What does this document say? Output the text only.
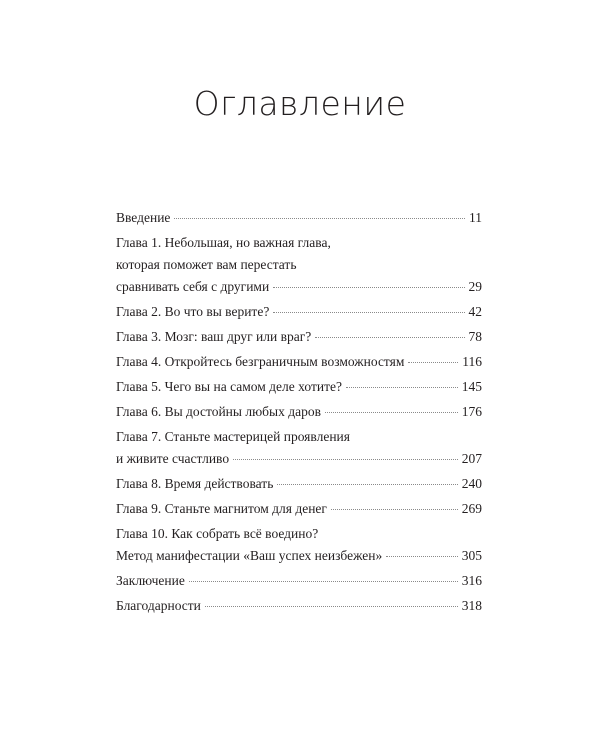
Оглавление
Введение	11
Глава 1. Небольшая, но важная глава,
которая поможет вам перестать
сравнивать себя с другими	29
Глава 2. Во что вы верите?	42
Глава 3. Мозг: ваш друг или враг?	78
Глава 4. Откройтесь безграничным возможностям	116
Глава 5. Чего вы на самом деле хотите?	145
Глава 6. Вы достойны любых даров	176
Глава 7. Станьте мастерицей проявления
и живите счастливо	207
Глава 8. Время действовать	240
Глава 9. Станьте магнитом для денег	269
Глава 10. Как собрать всё воедино?
Метод манифестации «Ваш успех неизбежен»	305
Заключение	316
Благодарности	318
